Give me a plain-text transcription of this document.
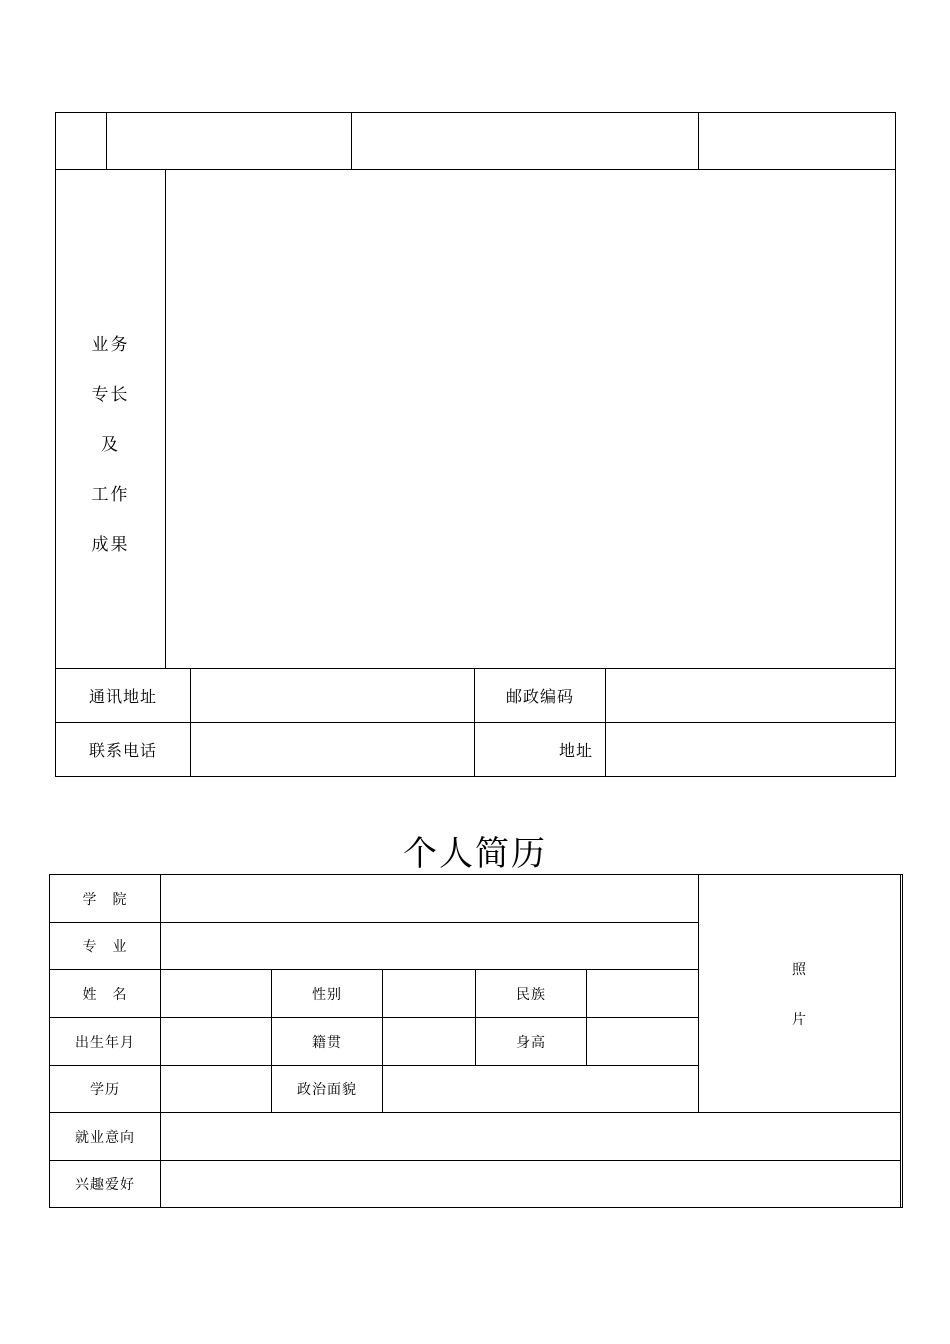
业务
专长
及
工作
成果
通讯地址	邮政编码
联系电话	地址
个人简历
学　院
专　业
姓　名	性别	民族
出生年月	籍贯	身高
学历	政治面貌
照
片
就业意向
兴趣爱好
